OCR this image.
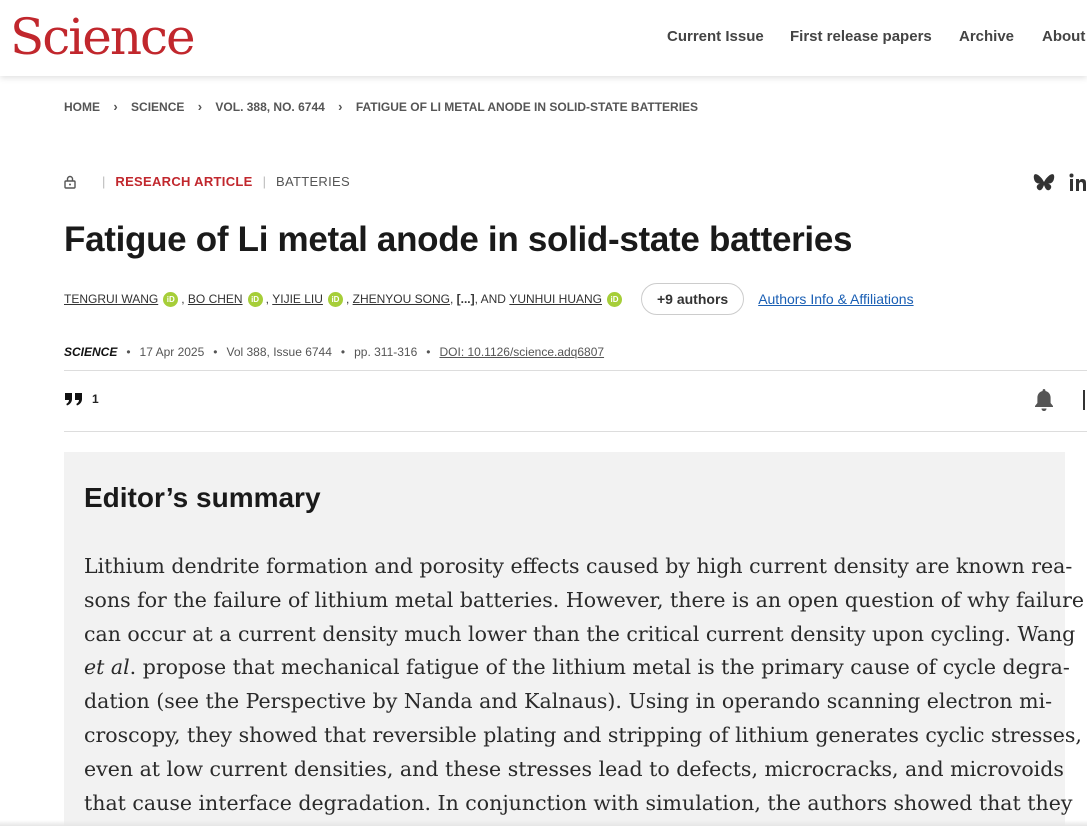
Science	Current Issue First release papers Archive About
HOME › SCIENCE › VOL. 388, NO. 6744 › FATIGUE OF LI METAL ANODE IN SOLID-STATE BATTERIES
| RESEARCH ARTICLE | BATTERIES
Fatigue of Li metal anode in solid-state batteries
TENGRUI WANG	iD , BO CHEN	iD , YIJIE LIU	iD , ZHENYOU SONG , [...] , AND
YUNHUI HUANG	iD	+9 authors	Authors Info & Affiliations
SCIENCE • 17 Apr 2025 • Vol 388, Issue 6744 • pp. 311-316 • DOI: 10.1126/science.adq6807
1
Editor’s summary
Lithium dendrite formation and porosity effects caused by high current density are known rea-
sons for the failure of lithium metal batteries. However, there is an open question of why failure
can occur at a current density much lower than the critical current density upon cycling. Wang
et al. propose that mechanical fatigue of the lithium metal is the primary cause of cycle degra-
dation (see the Perspective by Nanda and Kalnaus). Using in operando scanning electron mi-
croscopy, they showed that reversible plating and stripping of lithium generates cyclic stresses,
even at low current densities, and these stresses lead to defects, microcracks, and microvoids
that cause interface degradation. In conjunction with simulation, the authors showed that they
